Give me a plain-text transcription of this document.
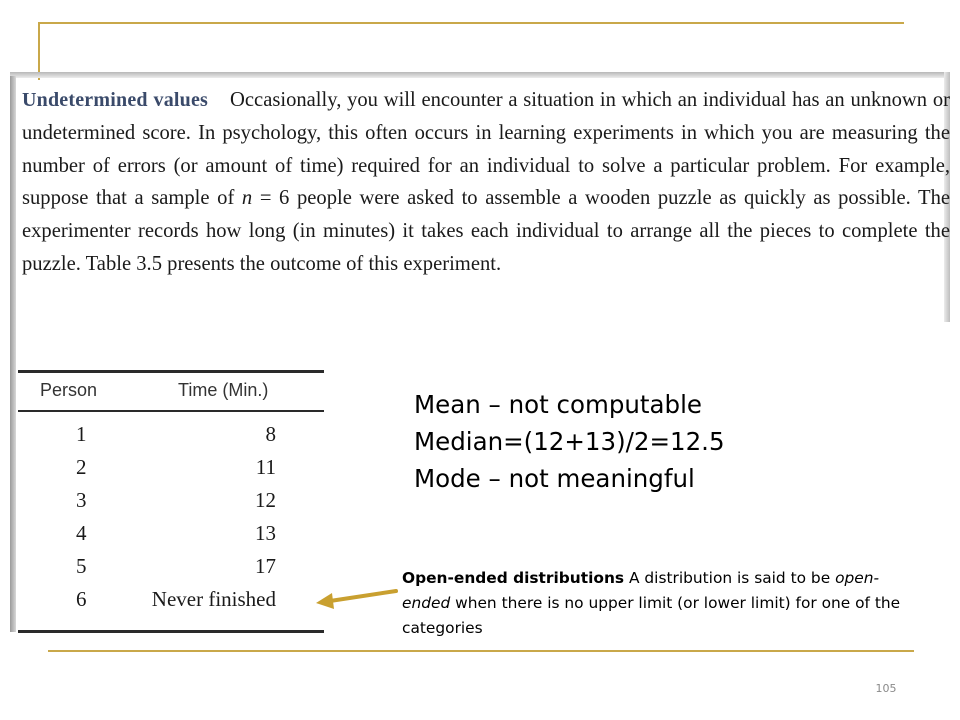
Undetermined values Occasionally, you will encounter a situation in which an individual has an unknown or undetermined score. In psychology, this often occurs in learning experiments in which you are measuring the number of errors (or amount of time) required for an individual to solve a particular problem. For example, suppose that a sample of n = 6 people were asked to assemble a wooden puzzle as quickly as possible. The experimenter records how long (in minutes) it takes each individual to arrange all the pieces to complete the puzzle. Table 3.5 presents the outcome of this experiment.
Person	Time (Min.)
1	8
2	11
3	12
4	13
5	17
6	Never finished
Mean – not computable
Median=(12+13)/2=12.5
Mode – not meaningful
Open-ended distributions A distribution is said to be open-ended when there is no upper limit (or lower limit) for one of the categories
105
